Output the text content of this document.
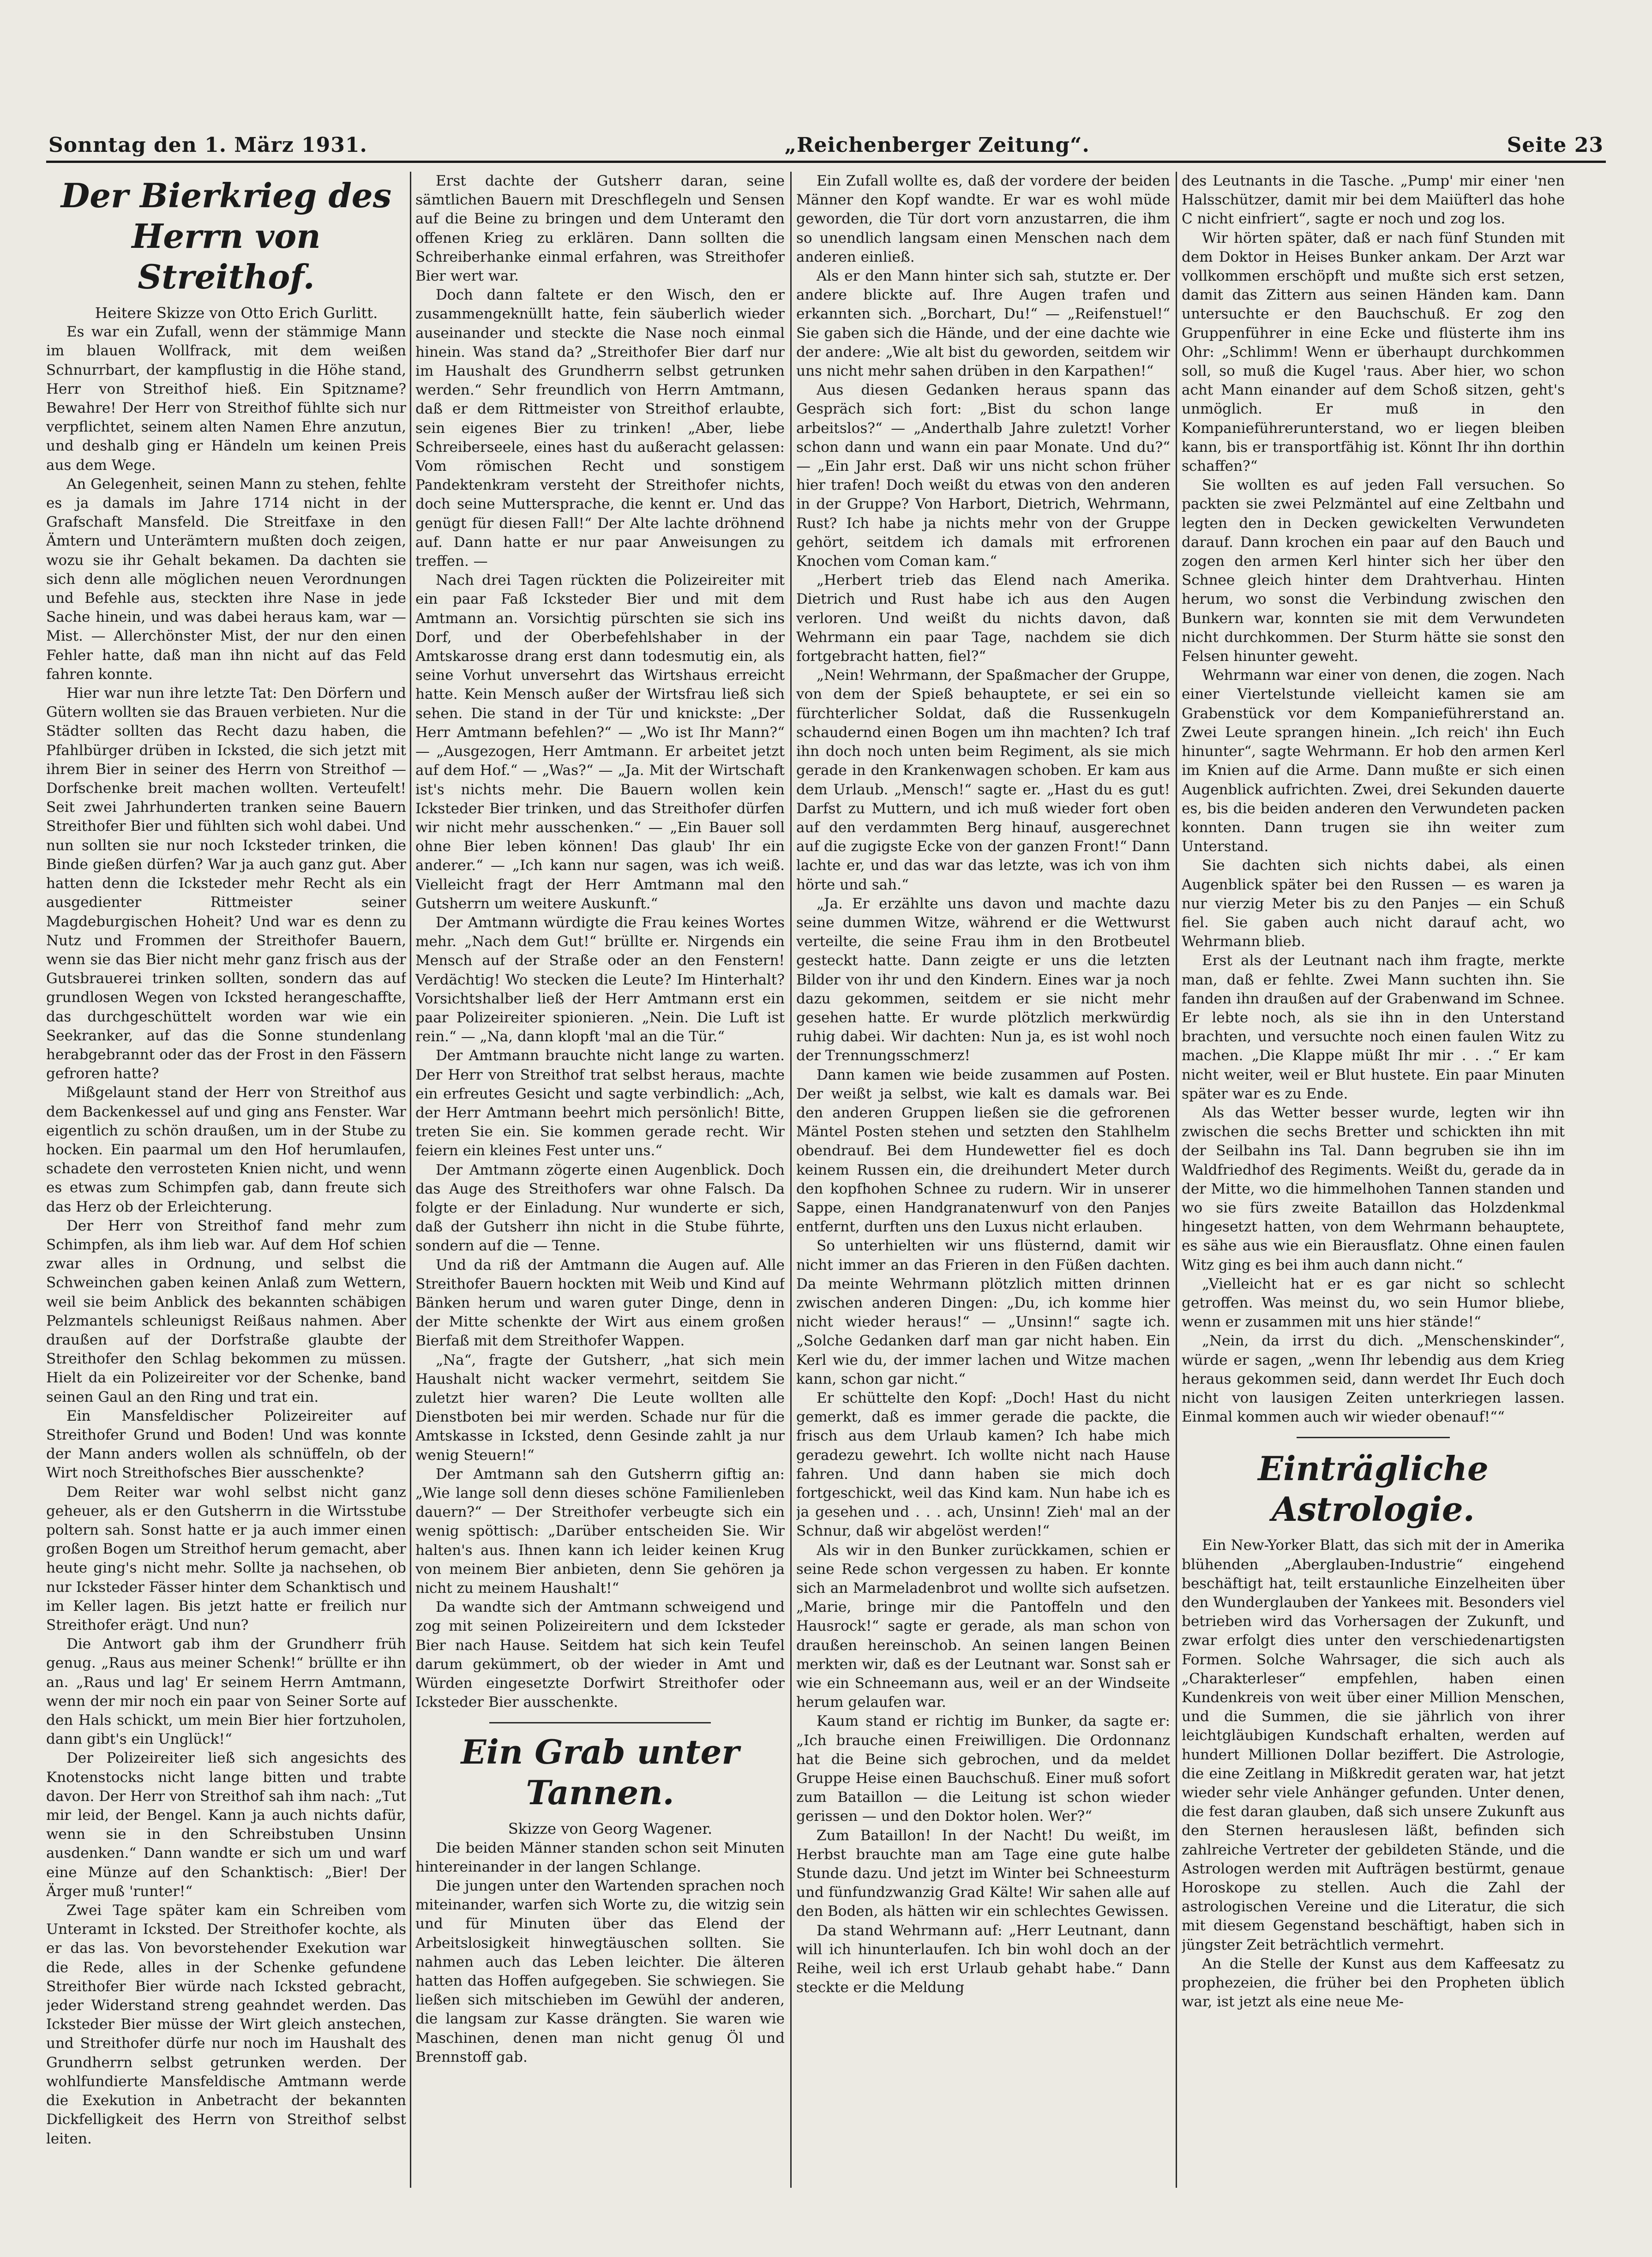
Sonntag den 1. März 1931.	„Reichenberger Zeitung“.	Seite 23
Der Bierkrieg des Herrn von Streithof.

Heitere Skizze von Otto Erich Gurlitt.

Es war ein Zufall, wenn der stämmige Mann im blauen Wollfrack, mit dem weißen Schnurrbart, der kampflustig in die Höhe stand, Herr von Streithof hieß. Ein Spitzname? Bewahre! Der Herr von Streithof fühlte sich nur verpflichtet, seinem alten Namen Ehre anzutun, und deshalb ging er Händeln um keinen Preis aus dem Wege.

An Gelegenheit, seinen Mann zu stehen, fehlte es ja damals im Jahre 1714 nicht in der Grafschaft Mansfeld. Die Streitfaxe in den Ämtern und Unterämtern mußten doch zeigen, wozu sie ihr Gehalt bekamen. Da dachten sie sich denn alle möglichen neuen Verordnungen und Befehle aus, steckten ihre Nase in jede Sache hinein, und was dabei heraus kam, war — Mist. — Allerchönster Mist, der nur den einen Fehler hatte, daß man ihn nicht auf das Feld fahren konnte.

Hier war nun ihre letzte Tat: Den Dörfern und Gütern wollten sie das Brauen verbieten. Nur die Städter sollten das Recht dazu haben, die Pfahlbürger drüben in Icksted, die sich jetzt mit ihrem Bier in seiner des Herrn von Streithof — Dorfschenke breit machen wollten. Verteufelt! Seit zwei Jahrhunderten tranken seine Bauern Streithofer Bier und fühlten sich wohl dabei. Und nun sollten sie nur noch Icksteder trinken, die Binde gießen dürfen? War ja auch ganz gut. Aber hatten denn die Icksteder mehr Recht als ein ausgedienter Rittmeister seiner Magdeburgischen Hoheit? Und war es denn zu Nutz und Frommen der Streithofer Bauern, wenn sie das Bier nicht mehr ganz frisch aus der Gutsbrauerei trinken sollten, sondern das auf grundlosen Wegen von Icksted herangeschaffte, das durchgeschüttelt worden war wie ein Seekranker, auf das die Sonne stundenlang herabgebrannt oder das der Frost in den Fässern gefroren hatte?

Mißgelaunt stand der Herr von Streithof aus dem Backenkessel auf und ging ans Fenster. War eigentlich zu schön draußen, um in der Stube zu hocken. Ein paarmal um den Hof herumlaufen, schadete den verrosteten Knien nicht, und wenn es etwas zum Schimpfen gab, dann freute sich das Herz ob der Erleichterung.

Der Herr von Streithof fand mehr zum Schimpfen, als ihm lieb war. Auf dem Hof schien zwar alles in Ordnung, und selbst die Schweinchen gaben keinen Anlaß zum Wettern, weil sie beim Anblick des bekannten schäbigen Pelzmantels schleunigst Reißaus nahmen. Aber draußen auf der Dorfstraße glaubte der Streithofer den Schlag bekommen zu müssen. Hielt da ein Polizeireiter vor der Schenke, band seinen Gaul an den Ring und trat ein.

Ein Mansfeldischer Polizeireiter auf Streithofer Grund und Boden! Und was konnte der Mann anders wollen als schnüffeln, ob der Wirt noch Streithofsches Bier ausschenkte?

Dem Reiter war wohl selbst nicht ganz geheuer, als er den Gutsherrn in die Wirtsstube poltern sah. Sonst hatte er ja auch immer einen großen Bogen um Streithof herum gemacht, aber heute ging's nicht mehr. Sollte ja nachsehen, ob nur Icksteder Fässer hinter dem Schanktisch und im Keller lagen. Bis jetzt hatte er freilich nur Streithofer erägt. Und nun?

Die Antwort gab ihm der Grundherr früh genug. „Raus aus meiner Schenk!“ brüllte er ihn an. „Raus und lag' Er seinem Herrn Amtmann, wenn der mir noch ein paar von Seiner Sorte auf den Hals schickt, um mein Bier hier fortzuholen, dann gibt's ein Unglück!“

Der Polizeireiter ließ sich angesichts des Knotenstocks nicht lange bitten und trabte davon. Der Herr von Streithof sah ihm nach: „Tut mir leid, der Bengel. Kann ja auch nichts dafür, wenn sie in den Schreibstuben Unsinn ausdenken.“ Dann wandte er sich um und warf eine Münze auf den Schanktisch: „Bier! Der Ärger muß 'runter!“

Zwei Tage später kam ein Schreiben vom Unteramt in Icksted. Der Streithofer kochte, als er das las. Von bevorstehender Exekution war die Rede, alles in der Schenke gefundene Streithofer Bier würde nach Icksted gebracht, jeder Widerstand streng geahndet werden. Das Icksteder Bier müsse der Wirt gleich anstechen, und Streithofer dürfe nur noch im Haushalt des Grundherrn selbst getrunken werden. Der wohlfundierte Mansfeldische Amtmann werde die Exekution in Anbetracht der bekannten Dickfelligkeit des Herrn von Streithof selbst leiten.

Erst dachte der Gutsherr daran, seine sämtlichen Bauern mit Dreschflegeln und Sensen auf die Beine zu bringen und dem Unteramt den offenen Krieg zu erklären. Dann sollten die Schreiberhanke einmal erfahren, was Streithofer Bier wert war.

Doch dann faltete er den Wisch, den er zusammengeknüllt hatte, fein säuberlich wieder auseinander und steckte die Nase noch einmal hinein. Was stand da? „Streithofer Bier darf nur im Haushalt des Grundherrn selbst getrunken werden.“ Sehr freundlich von Herrn Amtmann, daß er dem Rittmeister von Streithof erlaubte, sein eigenes Bier zu trinken! „Aber, liebe Schreiberseele, eines hast du außeracht gelassen: Vom römischen Recht und sonstigem Pandektenkram versteht der Streithofer nichts, doch seine Muttersprache, die kennt er. Und das genügt für diesen Fall!“ Der Alte lachte dröhnend auf. Dann hatte er nur paar Anweisungen zu treffen. —

Nach drei Tagen rückten die Polizeireiter mit ein paar Faß Icksteder Bier und mit dem Amtmann an. Vorsichtig pürschten sie sich ins Dorf, und der Oberbefehlshaber in der Amtskarosse drang erst dann todesmutig ein, als seine Vorhut unversehrt das Wirtshaus erreicht hatte. Kein Mensch außer der Wirtsfrau ließ sich sehen. Die stand in der Tür und knickste: „Der Herr Amtmann befehlen?“ — „Wo ist Ihr Mann?“ — „Ausgezogen, Herr Amtmann. Er arbeitet jetzt auf dem Hof.“ — „Was?“ — „Ja. Mit der Wirtschaft ist's nichts mehr. Die Bauern wollen kein Icksteder Bier trinken, und das Streithofer dürfen wir nicht mehr ausschenken.“ — „Ein Bauer soll ohne Bier leben können! Das glaub' Ihr ein anderer.“ — „Ich kann nur sagen, was ich weiß. Vielleicht fragt der Herr Amtmann mal den Gutsherrn um weitere Auskunft.“

Der Amtmann würdigte die Frau keines Wortes mehr. „Nach dem Gut!“ brüllte er. Nirgends ein Mensch auf der Straße oder an den Fenstern! Verdächtig! Wo stecken die Leute? Im Hinterhalt? Vorsichtshalber ließ der Herr Amtmann erst ein paar Polizeireiter spionieren. „Nein. Die Luft ist rein.“ — „Na, dann klopft 'mal an die Tür.“

Der Amtmann brauchte nicht lange zu warten. Der Herr von Streithof trat selbst heraus, machte ein erfreutes Gesicht und sagte verbindlich: „Ach, der Herr Amtmann beehrt mich persönlich! Bitte, treten Sie ein. Sie kommen gerade recht. Wir feiern ein kleines Fest unter uns.“

Der Amtmann zögerte einen Augenblick. Doch das Auge des Streithofers war ohne Falsch. Da folgte er der Einladung. Nur wunderte er sich, daß der Gutsherr ihn nicht in die Stube führte, sondern auf die — Tenne.

Und da riß der Amtmann die Augen auf. Alle Streithofer Bauern hockten mit Weib und Kind auf Bänken herum und waren guter Dinge, denn in der Mitte schenkte der Wirt aus einem großen Bierfaß mit dem Streithofer Wappen.

„Na“, fragte der Gutsherr, „hat sich mein Haushalt nicht wacker vermehrt, seitdem Sie zuletzt hier waren? Die Leute wollten alle Dienstboten bei mir werden. Schade nur für die Amtskasse in Icksted, denn Gesinde zahlt ja nur wenig Steuern!“

Der Amtmann sah den Gutsherrn giftig an: „Wie lange soll denn dieses schöne Familienleben dauern?“ — Der Streithofer verbeugte sich ein wenig spöttisch: „Darüber entscheiden Sie. Wir halten's aus. Ihnen kann ich leider keinen Krug von meinem Bier anbieten, denn Sie gehören ja nicht zu meinem Haushalt!“

Da wandte sich der Amtmann schweigend und zog mit seinen Polizeireitern und dem Icksteder Bier nach Hause. Seitdem hat sich kein Teufel darum gekümmert, ob der wieder in Amt und Würden eingesetzte Dorfwirt Streithofer oder Icksteder Bier ausschenkte.

Ein Grab unter Tannen.

Skizze von Georg Wagener.

Die beiden Männer standen schon seit Minuten hintereinander in der langen Schlange.

Die jungen unter den Wartenden sprachen noch miteinander, warfen sich Worte zu, die witzig sein und für Minuten über das Elend der Arbeitslosigkeit hinwegtäuschen sollten. Sie nahmen auch das Leben leichter. Die älteren hatten das Hoffen aufgegeben. Sie schwiegen. Sie ließen sich mitschieben im Gewühl der anderen, die langsam zur Kasse drängten. Sie waren wie Maschinen, denen man nicht genug Öl und Brennstoff gab.

Ein Zufall wollte es, daß der vordere der beiden Männer den Kopf wandte. Er war es wohl müde geworden, die Tür dort vorn anzustarren, die ihm so unendlich langsam einen Menschen nach dem anderen einließ.

Als er den Mann hinter sich sah, stutzte er. Der andere blickte auf. Ihre Augen trafen und erkannten sich. „Borchart, Du!“ — „Reifenstuel!“ Sie gaben sich die Hände, und der eine dachte wie der andere: „Wie alt bist du geworden, seitdem wir uns nicht mehr sahen drüben in den Karpathen!“

Aus diesen Gedanken heraus spann das Gespräch sich fort: „Bist du schon lange arbeitslos?“ — „Anderthalb Jahre zuletzt! Vorher schon dann und wann ein paar Monate. Und du?“ — „Ein Jahr erst. Daß wir uns nicht schon früher hier trafen! Doch weißt du etwas von den anderen in der Gruppe? Von Harbort, Dietrich, Wehrmann, Rust? Ich habe ja nichts mehr von der Gruppe gehört, seitdem ich damals mit erfrorenen Knochen vom Coman kam.“

„Herbert trieb das Elend nach Amerika. Dietrich und Rust habe ich aus den Augen verloren. Und weißt du nichts davon, daß Wehrmann ein paar Tage, nachdem sie dich fortgebracht hatten, fiel?“

„Nein! Wehrmann, der Spaßmacher der Gruppe, von dem der Spieß behauptete, er sei ein so fürchterlicher Soldat, daß die Russenkugeln schaudernd einen Bogen um ihn machten? Ich traf ihn doch noch unten beim Regiment, als sie mich gerade in den Krankenwagen schoben. Er kam aus dem Urlaub. „Mensch!“ sagte er. „Hast du es gut! Darfst zu Muttern, und ich muß wieder fort oben auf den verdammten Berg hinauf, ausgerechnet auf die zugigste Ecke von der ganzen Front!“ Dann lachte er, und das war das letzte, was ich von ihm hörte und sah.“

„Ja. Er erzählte uns davon und machte dazu seine dummen Witze, während er die Wettwurst verteilte, die seine Frau ihm in den Brotbeutel gesteckt hatte. Dann zeigte er uns die letzten Bilder von ihr und den Kindern. Eines war ja noch dazu gekommen, seitdem er sie nicht mehr gesehen hatte. Er wurde plötzlich merkwürdig ruhig dabei. Wir dachten: Nun ja, es ist wohl noch der Trennungsschmerz!

Dann kamen wie beide zusammen auf Posten. Der weißt ja selbst, wie kalt es damals war. Bei den anderen Gruppen ließen sie die gefrorenen Mäntel Posten stehen und setzten den Stahlhelm obendrauf. Bei dem Hundewetter fiel es doch keinem Russen ein, die dreihundert Meter durch den kopfhohen Schnee zu rudern. Wir in unserer Sappe, einen Handgranatenwurf von den Panjes entfernt, durften uns den Luxus nicht erlauben.

So unterhielten wir uns flüsternd, damit wir nicht immer an das Frieren in den Füßen dachten. Da meinte Wehrmann plötzlich mitten drinnen zwischen anderen Dingen: „Du, ich komme hier nicht wieder heraus!“ — „Unsinn!“ sagte ich. „Solche Gedanken darf man gar nicht haben. Ein Kerl wie du, der immer lachen und Witze machen kann, schon gar nicht.“

Er schüttelte den Kopf: „Doch! Hast du nicht gemerkt, daß es immer gerade die packte, die frisch aus dem Urlaub kamen? Ich habe mich geradezu gewehrt. Ich wollte nicht nach Hause fahren. Und dann haben sie mich doch fortgeschickt, weil das Kind kam. Nun habe ich es ja gesehen und . . . ach, Unsinn! Zieh' mal an der Schnur, daß wir abgelöst werden!“

Als wir in den Bunker zurückkamen, schien er seine Rede schon vergessen zu haben. Er konnte sich an Marmeladenbrot und wollte sich aufsetzen. „Marie, bringe mir die Pantoffeln und den Hausrock!“ sagte er gerade, als man schon von draußen hereinschob. An seinen langen Beinen merkten wir, daß es der Leutnant war. Sonst sah er wie ein Schneemann aus, weil er an der Windseite herum gelaufen war.

Kaum stand er richtig im Bunker, da sagte er: „Ich brauche einen Freiwilligen. Die Ordonnanz hat die Beine sich gebrochen, und da meldet Gruppe Heise einen Bauchschuß. Einer muß sofort zum Bataillon — die Leitung ist schon wieder gerissen — und den Doktor holen. Wer?“

Zum Bataillon! In der Nacht! Du weißt, im Herbst brauchte man am Tage eine gute halbe Stunde dazu. Und jetzt im Winter bei Schneesturm und fünfundzwanzig Grad Kälte! Wir sahen alle auf den Boden, als hätten wir ein schlechtes Gewissen.

Da stand Wehrmann auf: „Herr Leutnant, dann will ich hinunterlaufen. Ich bin wohl doch an der Reihe, weil ich erst Urlaub gehabt habe.“ Dann steckte er die Meldung

des Leutnants in die Tasche. „Pump' mir einer 'nen Halsschützer, damit mir bei dem Maiüfterl das hohe C nicht einfriert“, sagte er noch und zog los.

Wir hörten später, daß er nach fünf Stunden mit dem Doktor in Heises Bunker ankam. Der Arzt war vollkommen erschöpft und mußte sich erst setzen, damit das Zittern aus seinen Händen kam. Dann untersuchte er den Bauchschuß. Er zog den Gruppenführer in eine Ecke und flüsterte ihm ins Ohr: „Schlimm! Wenn er überhaupt durchkommen soll, so muß die Kugel 'raus. Aber hier, wo schon acht Mann einander auf dem Schoß sitzen, geht's unmöglich. Er muß in den Kompanieführerunterstand, wo er liegen bleiben kann, bis er transportfähig ist. Könnt Ihr ihn dorthin schaffen?“

Sie wollten es auf jeden Fall versuchen. So packten sie zwei Pelzmäntel auf eine Zeltbahn und legten den in Decken gewickelten Verwundeten darauf. Dann krochen ein paar auf den Bauch und zogen den armen Kerl hinter sich her über den Schnee gleich hinter dem Drahtverhau. Hinten herum, wo sonst die Verbindung zwischen den Bunkern war, konnten sie mit dem Verwundeten nicht durchkommen. Der Sturm hätte sie sonst den Felsen hinunter geweht.

Wehrmann war einer von denen, die zogen. Nach einer Viertelstunde vielleicht kamen sie am Grabenstück vor dem Kompanieführerstand an. Zwei Leute sprangen hinein. „Ich reich' ihn Euch hinunter“, sagte Wehrmann. Er hob den armen Kerl im Knien auf die Arme. Dann mußte er sich einen Augenblick aufrichten. Zwei, drei Sekunden dauerte es, bis die beiden anderen den Verwundeten packen konnten. Dann trugen sie ihn weiter zum Unterstand.

Sie dachten sich nichts dabei, als einen Augenblick später bei den Russen — es waren ja nur vierzig Meter bis zu den Panjes — ein Schuß fiel. Sie gaben auch nicht darauf acht, wo Wehrmann blieb.

Erst als der Leutnant nach ihm fragte, merkte man, daß er fehlte. Zwei Mann suchten ihn. Sie fanden ihn draußen auf der Grabenwand im Schnee. Er lebte noch, als sie ihn in den Unterstand brachten, und versuchte noch einen faulen Witz zu machen. „Die Klappe müßt Ihr mir . . .“ Er kam nicht weiter, weil er Blut hustete. Ein paar Minuten später war es zu Ende.

Als das Wetter besser wurde, legten wir ihn zwischen die sechs Bretter und schickten ihn mit der Seilbahn ins Tal. Dann begruben sie ihn im Waldfriedhof des Regiments. Weißt du, gerade da in der Mitte, wo die himmelhohen Tannen standen und wo sie fürs zweite Bataillon das Holzdenkmal hingesetzt hatten, von dem Wehrmann behauptete, es sähe aus wie ein Bierausflatz. Ohne einen faulen Witz ging es bei ihm auch dann nicht.“

„Vielleicht hat er es gar nicht so schlecht getroffen. Was meinst du, wo sein Humor bliebe, wenn er zusammen mit uns hier stände!“

„Nein, da irrst du dich. „Menschenskinder“, würde er sagen, „wenn Ihr lebendig aus dem Krieg heraus gekommen seid, dann werdet Ihr Euch doch nicht von lausigen Zeiten unterkriegen lassen. Einmal kommen auch wir wieder obenauf!““

Einträgliche Astrologie.

Ein New-Yorker Blatt, das sich mit der in Amerika blühenden „Aberglauben-Industrie“ eingehend beschäftigt hat, teilt erstaunliche Einzelheiten über den Wunderglauben der Yankees mit. Besonders viel betrieben wird das Vorhersagen der Zukunft, und zwar erfolgt dies unter den verschiedenartigsten Formen. Solche Wahrsager, die sich auch als „Charakterleser“ empfehlen, haben einen Kundenkreis von weit über einer Million Menschen, und die Summen, die sie jährlich von ihrer leichtgläubigen Kundschaft erhalten, werden auf hundert Millionen Dollar beziffert. Die Astrologie, die eine Zeitlang in Mißkredit geraten war, hat jetzt wieder sehr viele Anhänger gefunden. Unter denen, die fest daran glauben, daß sich unsere Zukunft aus den Sternen herauslesen läßt, befinden sich zahlreiche Vertreter der gebildeten Stände, und die Astrologen werden mit Aufträgen bestürmt, genaue Horoskope zu stellen. Auch die Zahl der astrologischen Vereine und die Literatur, die sich mit diesem Gegenstand beschäftigt, haben sich in jüngster Zeit beträchtlich vermehrt.

An die Stelle der Kunst aus dem Kaffeesatz zu prophezeien, die früher bei den Propheten üblich war, ist jetzt als eine neue Me-
